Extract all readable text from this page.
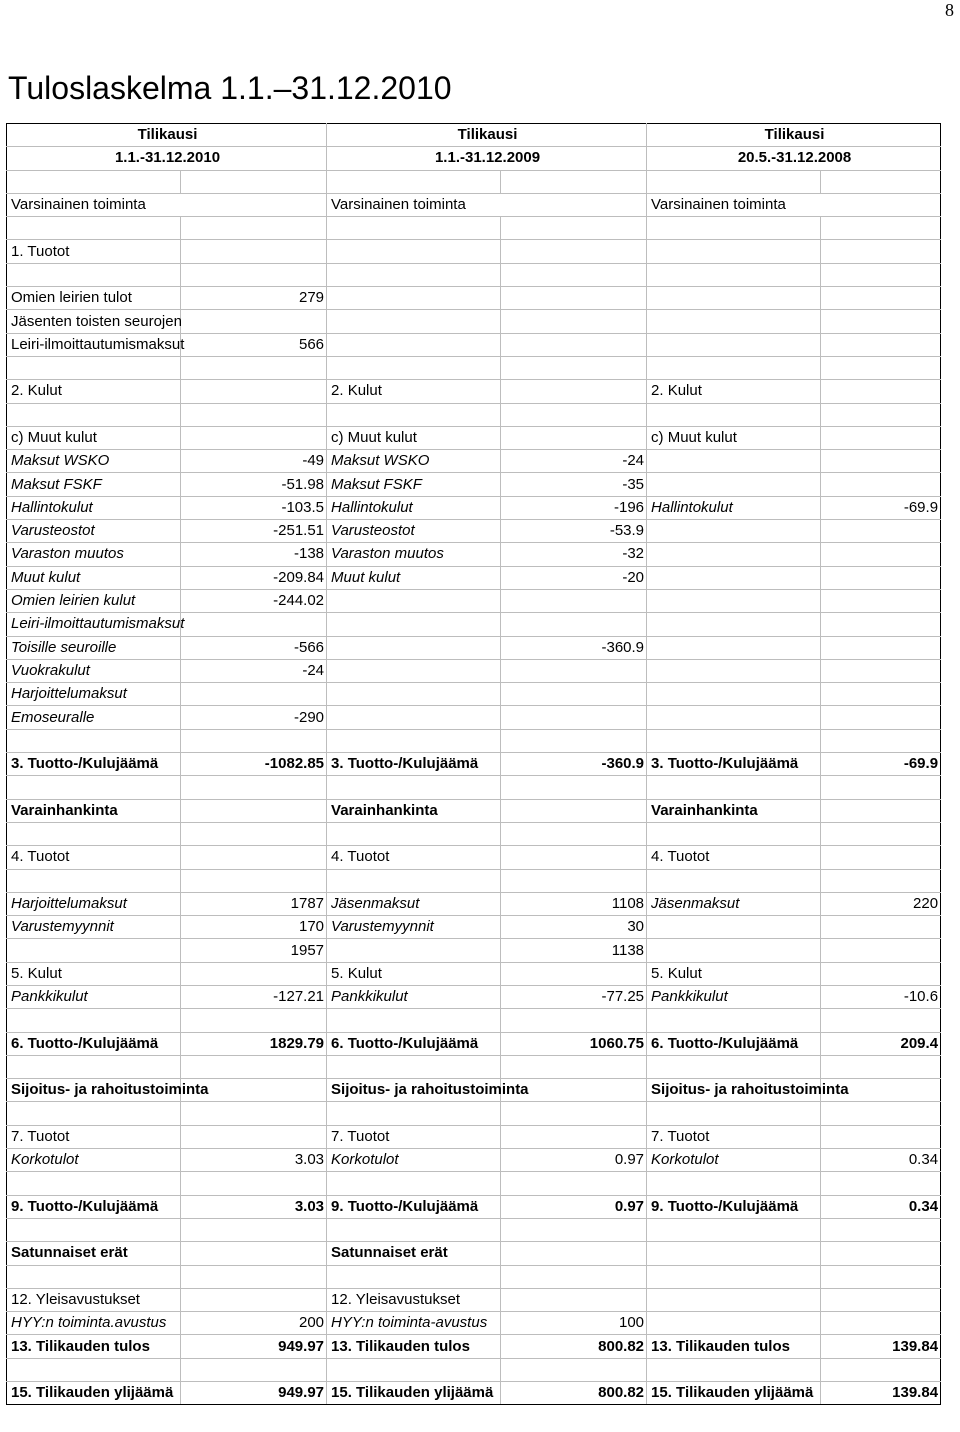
8
Tuloslaskelma 1.1.–31.12.2010
Tilikausi		Tilikausi		Tilikausi	
1.1.-31.12.2010		1.1.-31.12.2009		20.5.-31.12.2008	

Varsinainen toiminta		Varsinainen toiminta		Varsinainen toiminta	

1. Tuotot					

Omien leirien tulot	279				
Jäsenten toisten seurojen					
Leiri-ilmoittautumismaksut	566				

2. Kulut		2. Kulut		2. Kulut	

c) Muut kulut		c) Muut kulut		c) Muut kulut	
Maksut WSKO	-49	Maksut WSKO	-24		
Maksut FSKF	-51.98	Maksut FSKF	-35		
Hallintokulut	-103.5	Hallintokulut	-196	Hallintokulut	-69.9
Varusteostot	-251.51	Varusteostot	-53.9		
Varaston muutos	-138	Varaston muutos	-32		
Muut kulut	-209.84	Muut kulut	-20		
Omien leirien kulut	-244.02				
Leiri-ilmoittautumismaksut					
Toisille seuroille	-566		-360.9		
Vuokrakulut	-24				
Harjoittelumaksut					
Emoseuralle	-290				

3. Tuotto-/Kulujäämä	-1082.85	3. Tuotto-/Kulujäämä	-360.9	3. Tuotto-/Kulujäämä	-69.9

Varainhankinta		Varainhankinta		Varainhankinta	

4. Tuotot		4. Tuotot		4. Tuotot	

Harjoittelumaksut	1787	Jäsenmaksut	1108	Jäsenmaksut	220
Varustemyynnit	170	Varustemyynnit	30		
	1957		1138		
5. Kulut		5. Kulut		5. Kulut	
Pankkikulut	-127.21	Pankkikulut	-77.25	Pankkikulut	-10.6

6. Tuotto-/Kulujäämä	1829.79	6. Tuotto-/Kulujäämä	1060.75	6. Tuotto-/Kulujäämä	209.4

Sijoitus- ja rahoitustoiminta		Sijoitus- ja rahoitustoiminta		Sijoitus- ja rahoitustoiminta	

7. Tuotot		7. Tuotot		7. Tuotot	
Korkotulot	3.03	Korkotulot	0.97	Korkotulot	0.34

9. Tuotto-/Kulujäämä	3.03	9. Tuotto-/Kulujäämä	0.97	9. Tuotto-/Kulujäämä	0.34

Satunnaiset erät		Satunnaiset erät			

12. Yleisavustukset		12. Yleisavustukset			
HYY:n toiminta.avustus	200	HYY:n toiminta-avustus	100		
13. Tilikauden tulos	949.97	13. Tilikauden tulos	800.82	13. Tilikauden tulos	139.84

15. Tilikauden ylijäämä	949.97	15. Tilikauden ylijäämä	800.82	15. Tilikauden ylijäämä	139.84
